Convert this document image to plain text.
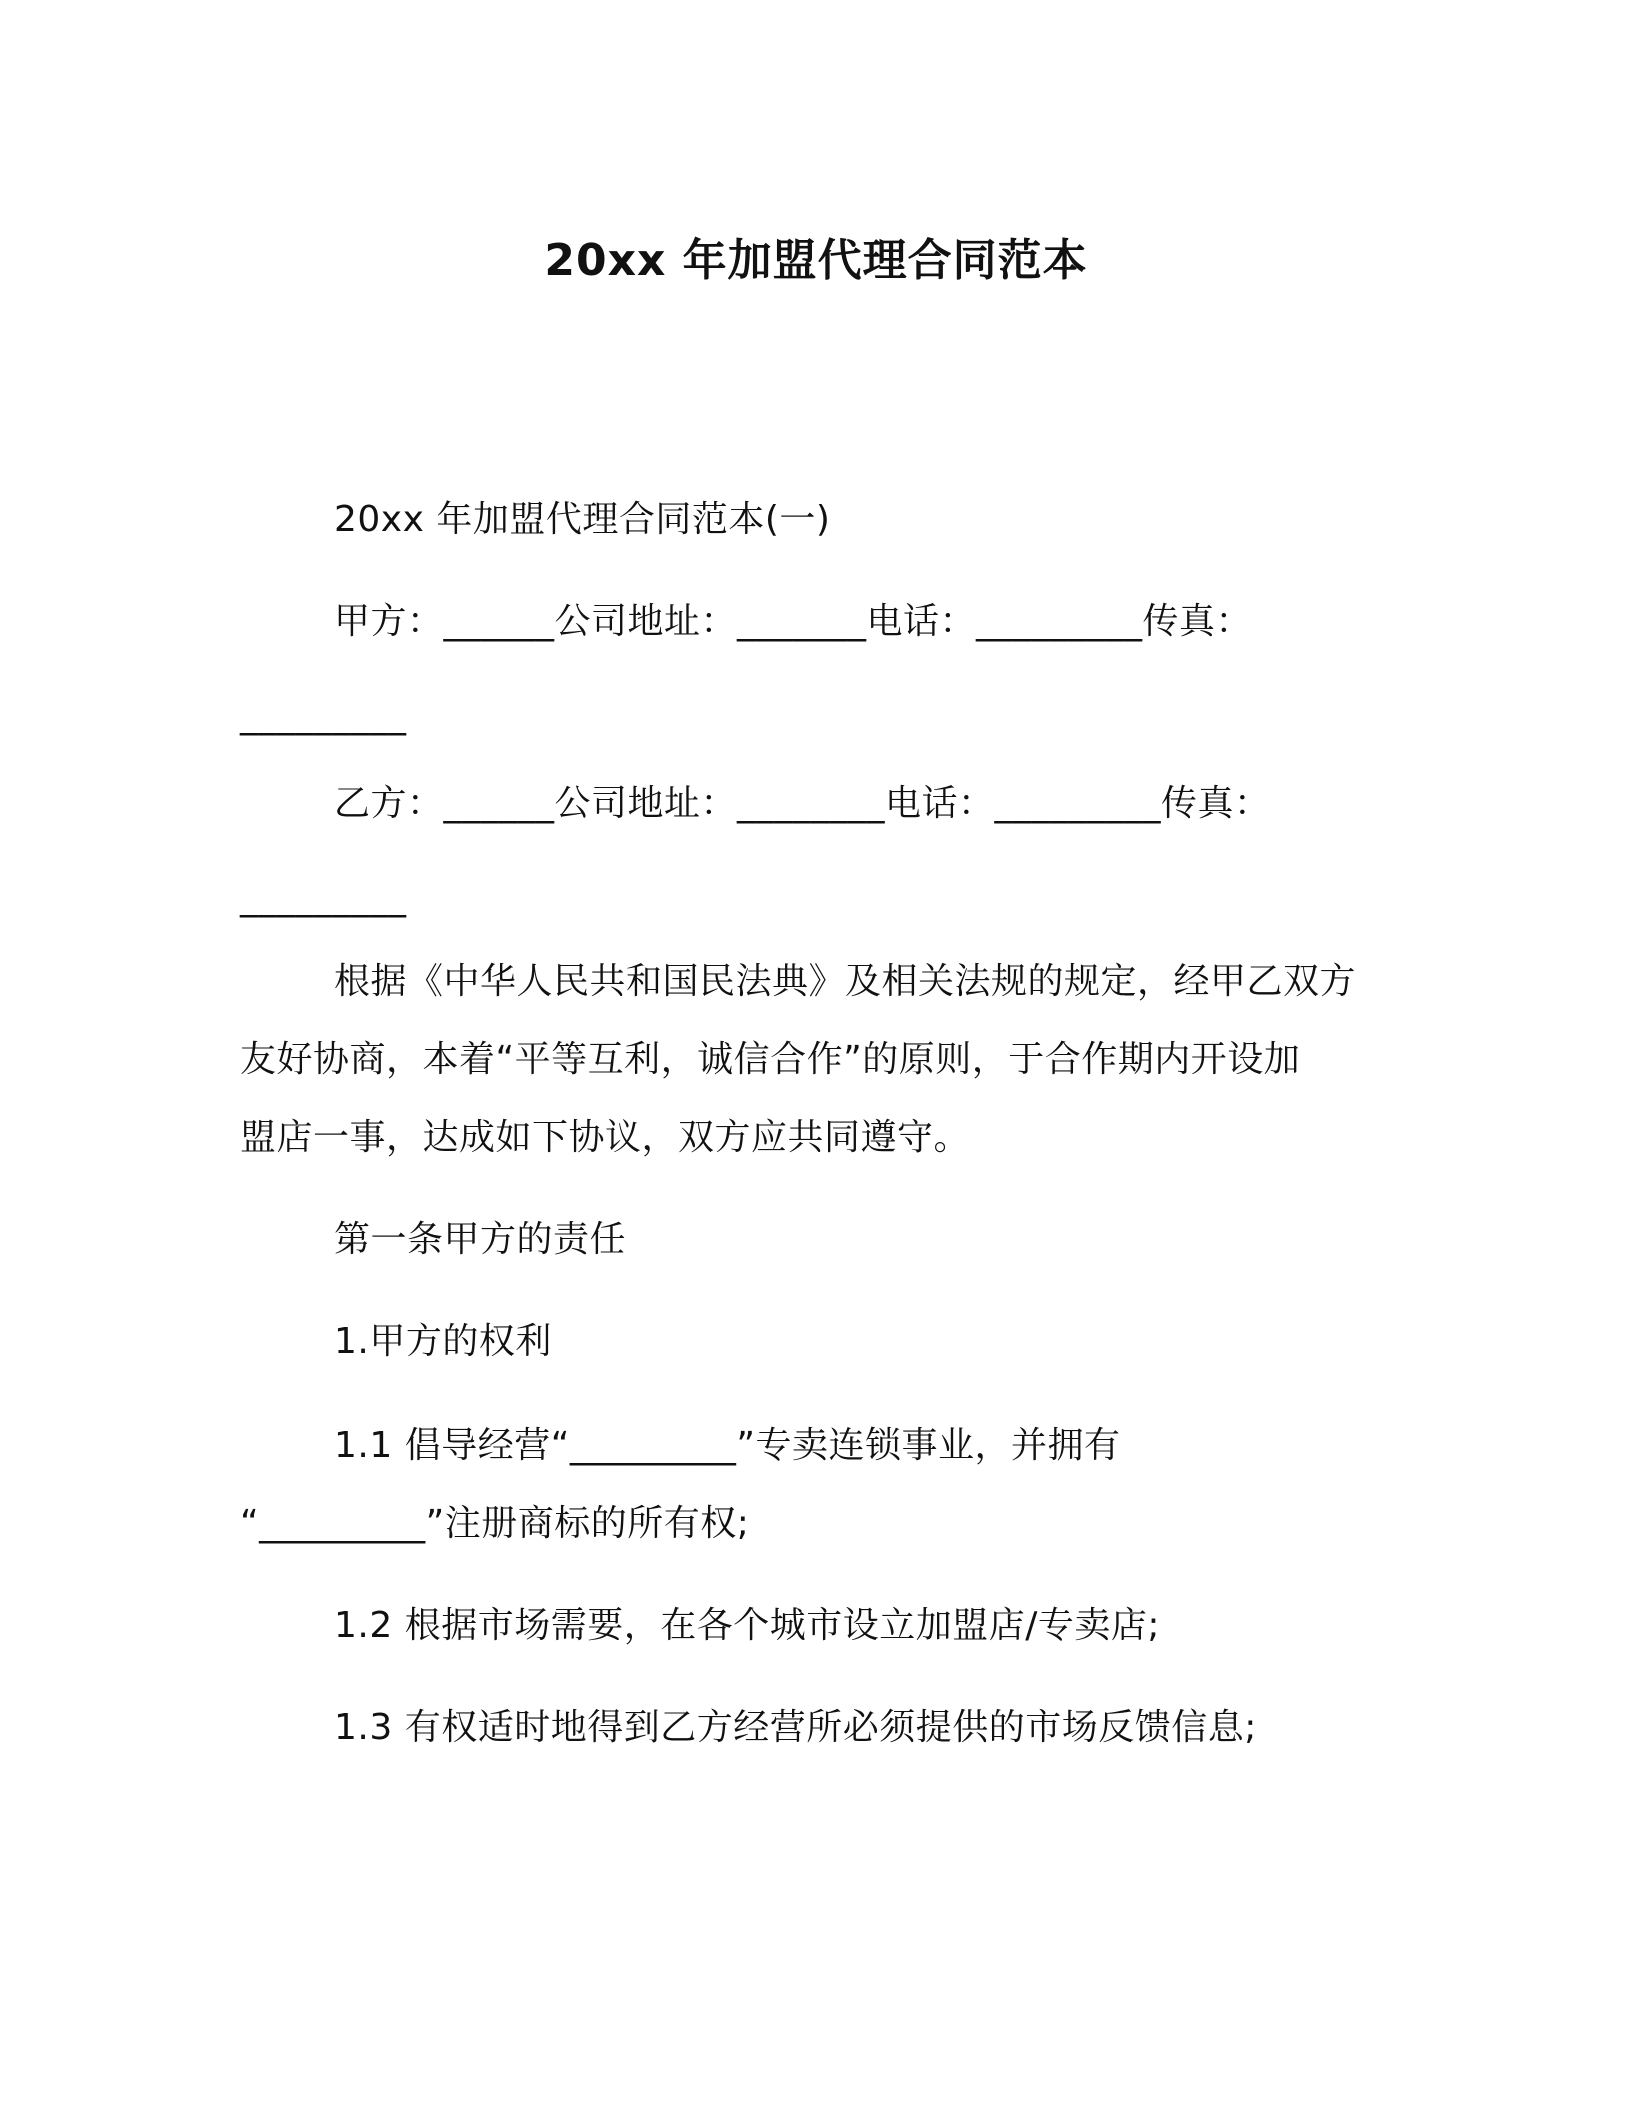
20xx 年加盟代理合同范本
20xx 年加盟代理合同范本(一)
甲方：______公司地址：_______电话：_________传真：
_________
乙方：______公司地址：________电话：_________传真：
_________
根据《中华人民共和国民法典》及相关法规的规定，经甲乙双方
友好协商，本着“平等互利，诚信合作”的原则，于合作期内开设加
盟店一事，达成如下协议，双方应共同遵守。
第一条甲方的责任
1.甲方的权利
1.1 倡导经营“_________”专卖连锁事业，并拥有
“_________”注册商标的所有权;
1.2 根据市场需要，在各个城市设立加盟店/专卖店;
1.3 有权适时地得到乙方经营所必须提供的市场反馈信息;
